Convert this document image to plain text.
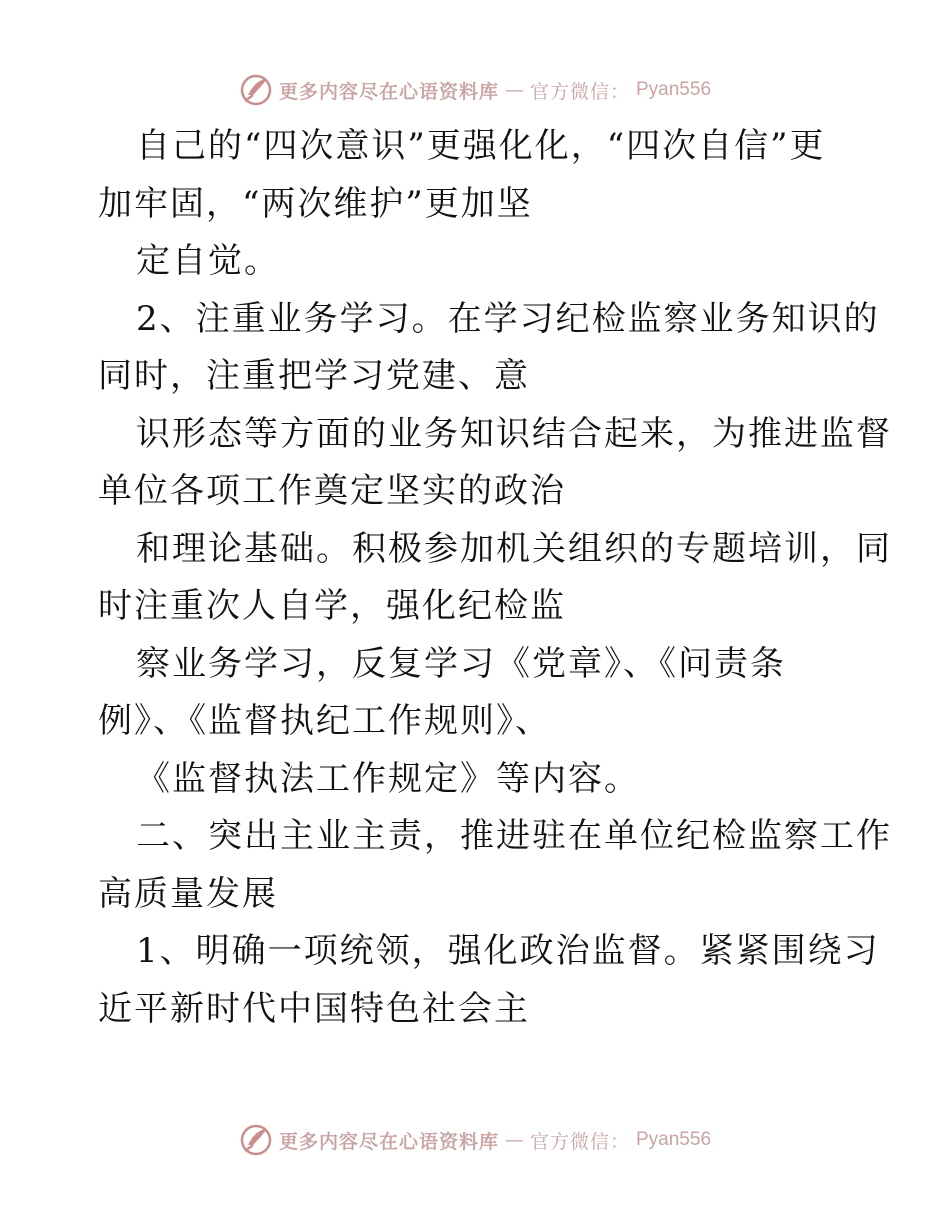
更多内容尽在心语资料库 — 官方微信： Pyan556
自己的“四次意识”更强化化，“四次自信”更
加牢固，“两次维护”更加坚
定自觉。
2、注重业务学习。在学习纪检监察业务知识的
同时，注重把学习党建、意
识形态等方面的业务知识结合起来，为推进监督
单位各项工作奠定坚实的政治
和理论基础。积极参加机关组织的专题培训，同
时注重次人自学，强化纪检监
察业务学习，反复学习《党章》、《问责条
例》、《监督执纪工作规则》、
《监督执法工作规定》等内容。
二、突出主业主责，推进驻在单位纪检监察工作
高质量发展
1、明确一项统领，强化政治监督。紧紧围绕习
近平新时代中国特色社会主
更多内容尽在心语资料库 — 官方微信： Pyan556
